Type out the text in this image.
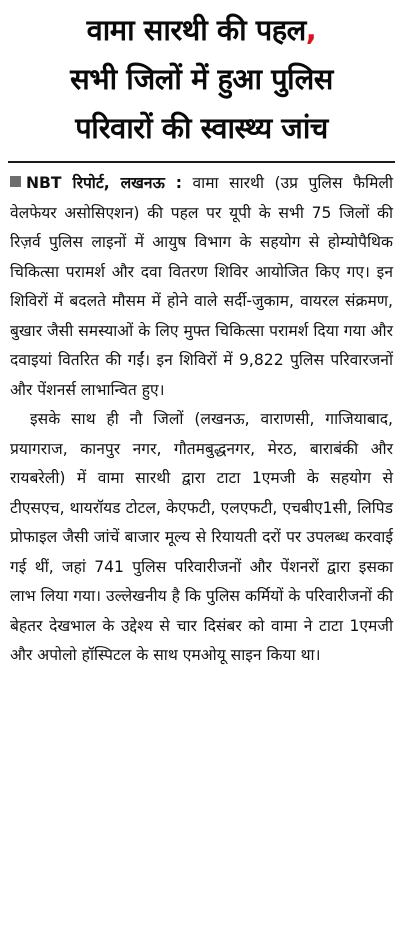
वामा सारथी की पहल,
सभी जिलों में हुआ पुलिस
परिवारों की स्वास्थ्य जांच

NBT रिपोर्ट, लखनऊ : वामा सारथी (उप्र पुलिस फैमिली वेलफेयर असोसिएशन) की पहल पर यूपी के सभी 75 जिलों की रिज़र्व पुलिस लाइनों में आयुष विभाग के सहयोग से होम्योपैथिक चिकित्सा परामर्श और दवा वितरण शिविर आयोजित किए गए। इन शिविरों में बदलते मौसम में होने वाले सर्दी-जुकाम, वायरल संक्रमण, बुखार जैसी समस्याओं के लिए मुफ्त चिकित्सा परामर्श दिया गया और दवाइयां वितरित की गईं। इन शिविरों में 9,822 पुलिस परिवारजनों और पेंशनर्स लाभान्वित हुए।

इसके साथ ही नौ जिलों (लखनऊ, वाराणसी, गाजियाबाद, प्रयागराज, कानपुर नगर, गौतमबुद्धनगर, मेरठ, बाराबंकी और रायबरेली) में वामा सारथी द्वारा टाटा 1एमजी के सहयोग से टीएसएच, थायरॉयड टोटल, केएफटी, एलएफटी, एचबीए1सी, लिपिड प्रोफाइल जैसी जांचें बाजार मूल्य से रियायती दरों पर उपलब्ध करवाई गई थीं, जहां 741 पुलिस परिवारीजनों और पेंशनरों द्वारा इसका लाभ लिया गया। उल्लेखनीय है कि पुलिस कर्मियों के परिवारीजनों की बेहतर देखभाल के उद्देश्य से चार दिसंबर को वामा ने टाटा 1एमजी और अपोलो हॉस्पिटल के साथ एमओयू साइन किया था।
